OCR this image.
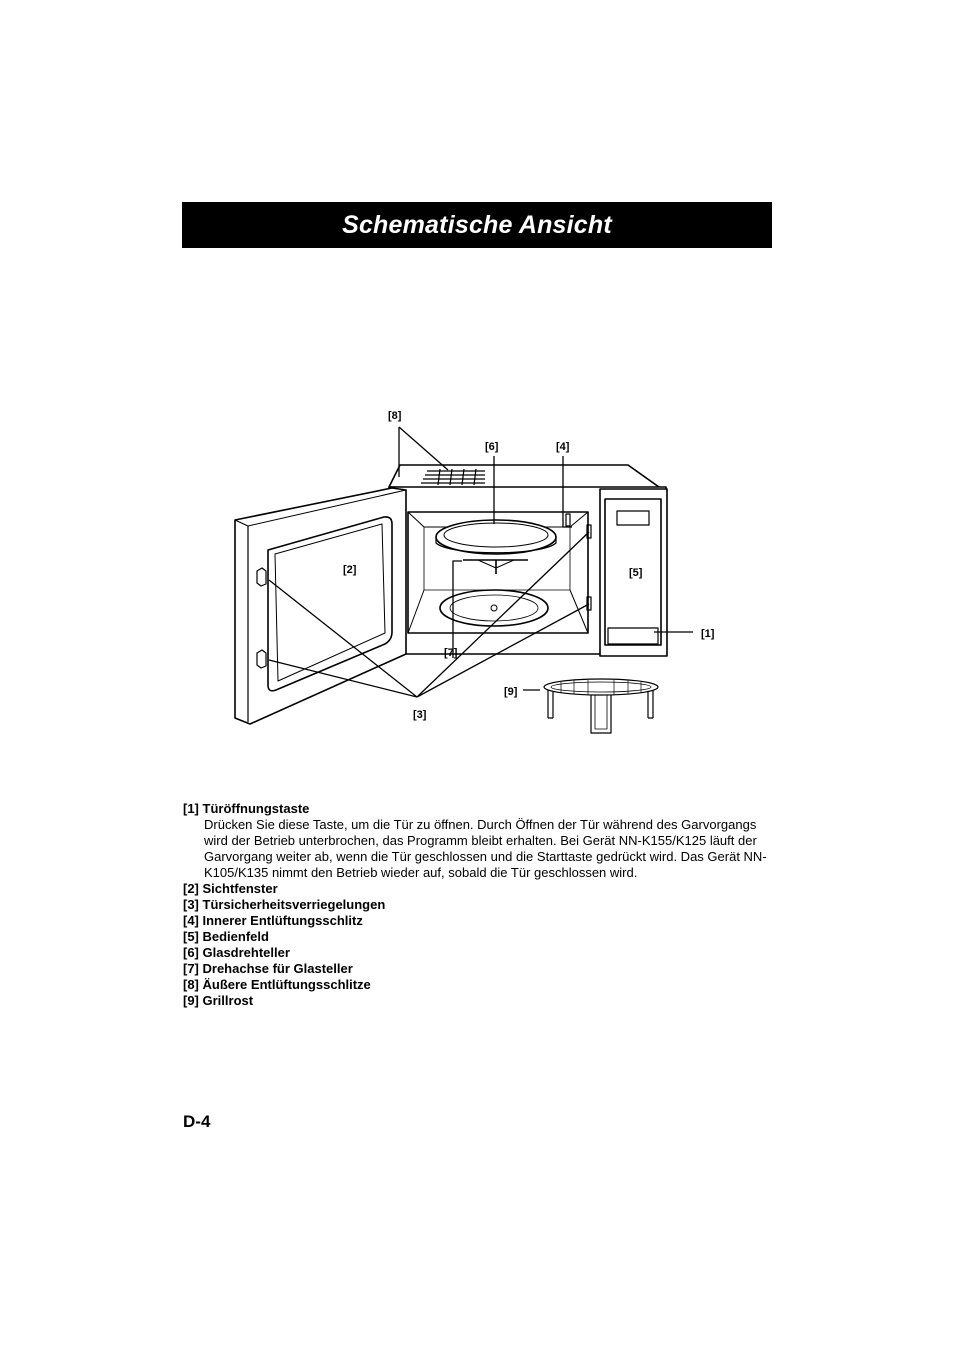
Schematische Ansicht
[8]
[6]	[4]
[2]	[5]
[1]
[7]
[9]
[3]
[1] Türöffnungstaste
Drücken Sie diese Taste, um die Tür zu öffnen. Durch Öffnen der Tür während des Garvorgangs wird der Betrieb unterbrochen, das Programm bleibt erhalten. Bei Gerät NN-K155/K125 läuft der Garvorgang weiter ab, wenn die Tür geschlossen und die Starttaste gedrückt wird. Das Gerät NN-K105/K135 nimmt den Betrieb wieder auf, sobald die Tür geschlossen wird.
[2] Sichtfenster
[3] Türsicherheitsverriegelungen
[4] Innerer Entlüftungsschlitz
[5] Bedienfeld
[6] Glasdrehteller
[7] Drehachse für Glasteller
[8] Äußere Entlüftungsschlitze
[9] Grillrost
D-4
